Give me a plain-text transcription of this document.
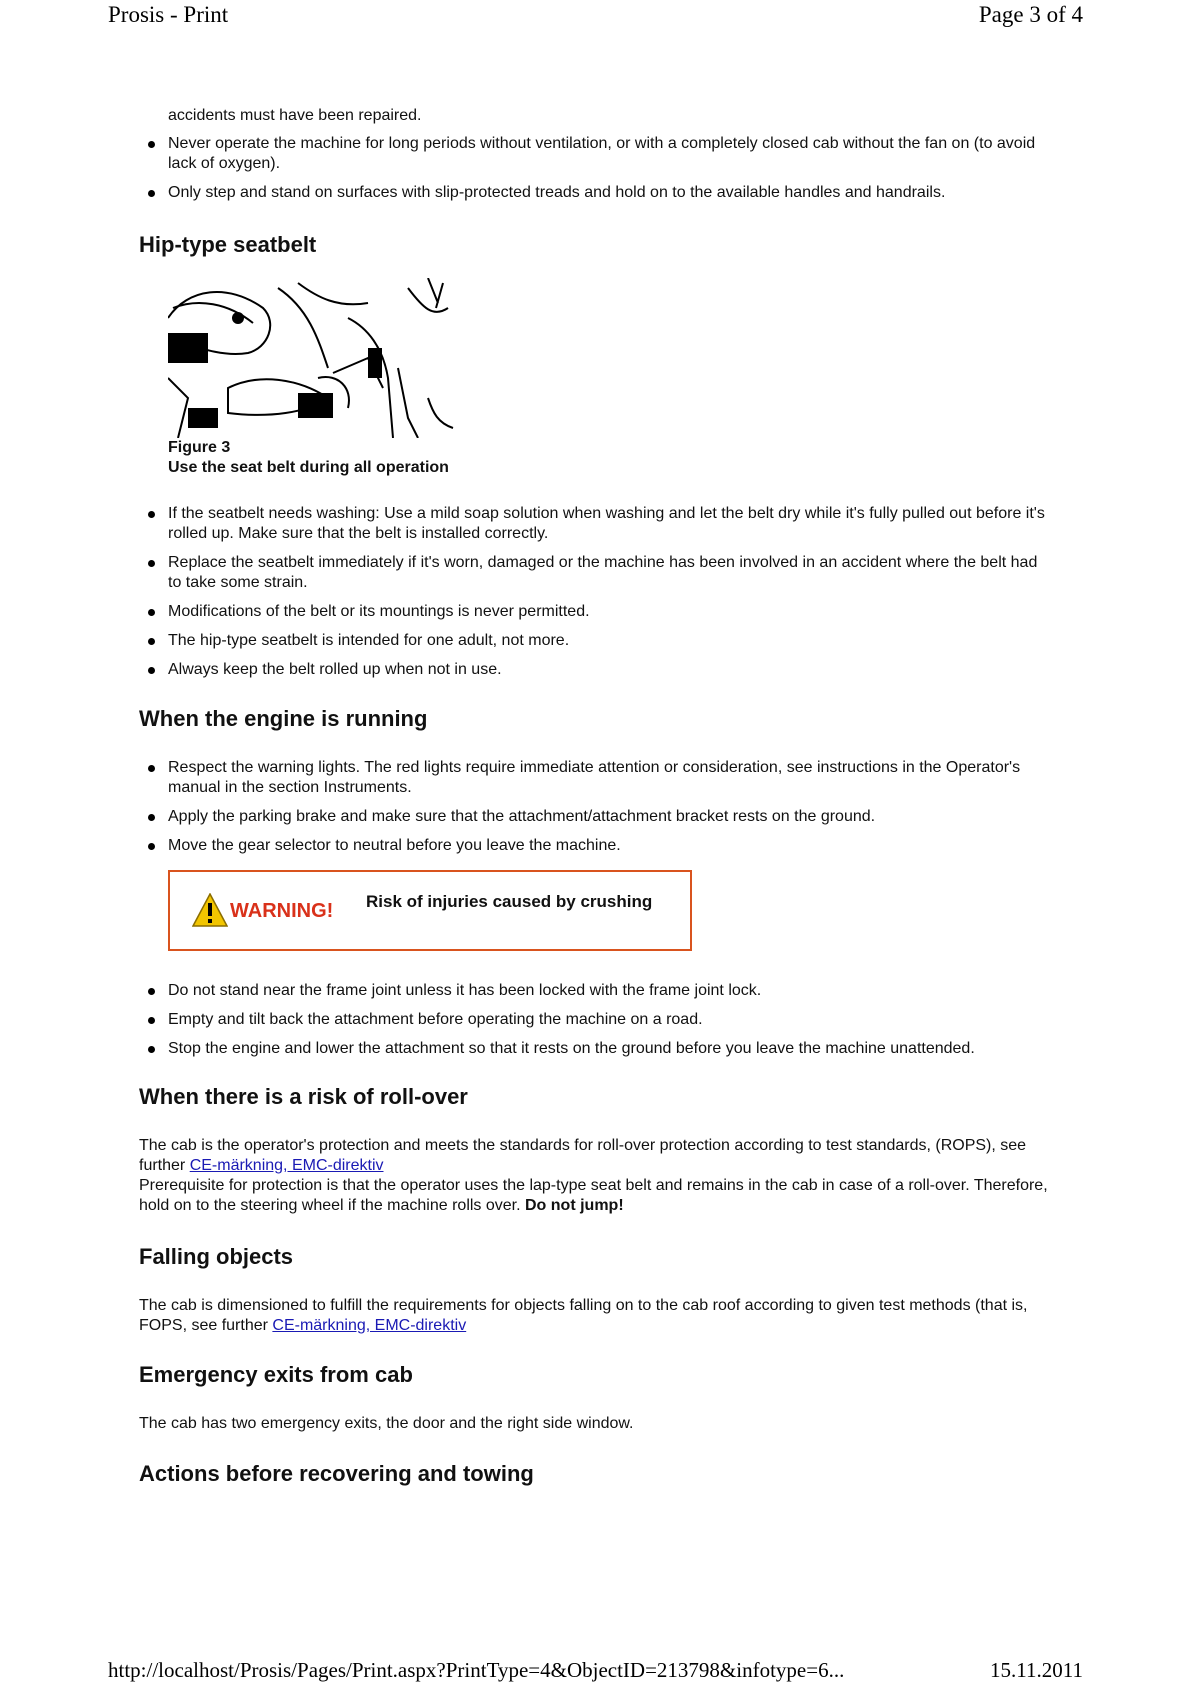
Prosis - Print	Page 3 of 4
accidents must have been repaired.
Never operate the machine for long periods without ventilation, or with a completely closed cab without the fan on (to avoid lack of oxygen).
Only step and stand on surfaces with slip-protected treads and hold on to the available handles and handrails.
Hip-type seatbelt
Figure 3
Use the seat belt during all operation
If the seatbelt needs washing: Use a mild soap solution when washing and let the belt dry while it's fully pulled out before it's rolled up. Make sure that the belt is installed correctly.
Replace the seatbelt immediately if it's worn, damaged or the machine has been involved in an accident where the belt had to take some strain.
Modifications of the belt or its mountings is never permitted.
The hip-type seatbelt is intended for one adult, not more.
Always keep the belt rolled up when not in use.
When the engine is running
Respect the warning lights. The red lights require immediate attention or consideration, see instructions in the Operator's manual in the section Instruments.
Apply the parking brake and make sure that the attachment/attachment bracket rests on the ground.
Move the gear selector to neutral before you leave the machine.
WARNING! Risk of injuries caused by crushing
Do not stand near the frame joint unless it has been locked with the frame joint lock.
Empty and tilt back the attachment before operating the machine on a road.
Stop the engine and lower the attachment so that it rests on the ground before you leave the machine unattended.
When there is a risk of roll-over

The cab is the operator's protection and meets the standards for roll-over protection according to test standards, (ROPS), see further CE-märkning, EMC-direktiv

Prerequisite for protection is that the operator uses the lap-type seat belt and remains in the cab in case of a roll-over. Therefore, hold on to the steering wheel if the machine rolls over. Do not jump!

Falling objects

The cab is dimensioned to fulfill the requirements for objects falling on to the cab roof according to given test methods (that is, FOPS, see further CE-märkning, EMC-direktiv

Emergency exits from cab

The cab has two emergency exits, the door and the right side window.

Actions before recovering and towing
http://localhost/Prosis/Pages/Print.aspx?PrintType=4&ObjectID=213798&infotype=6...	15.11.2011
